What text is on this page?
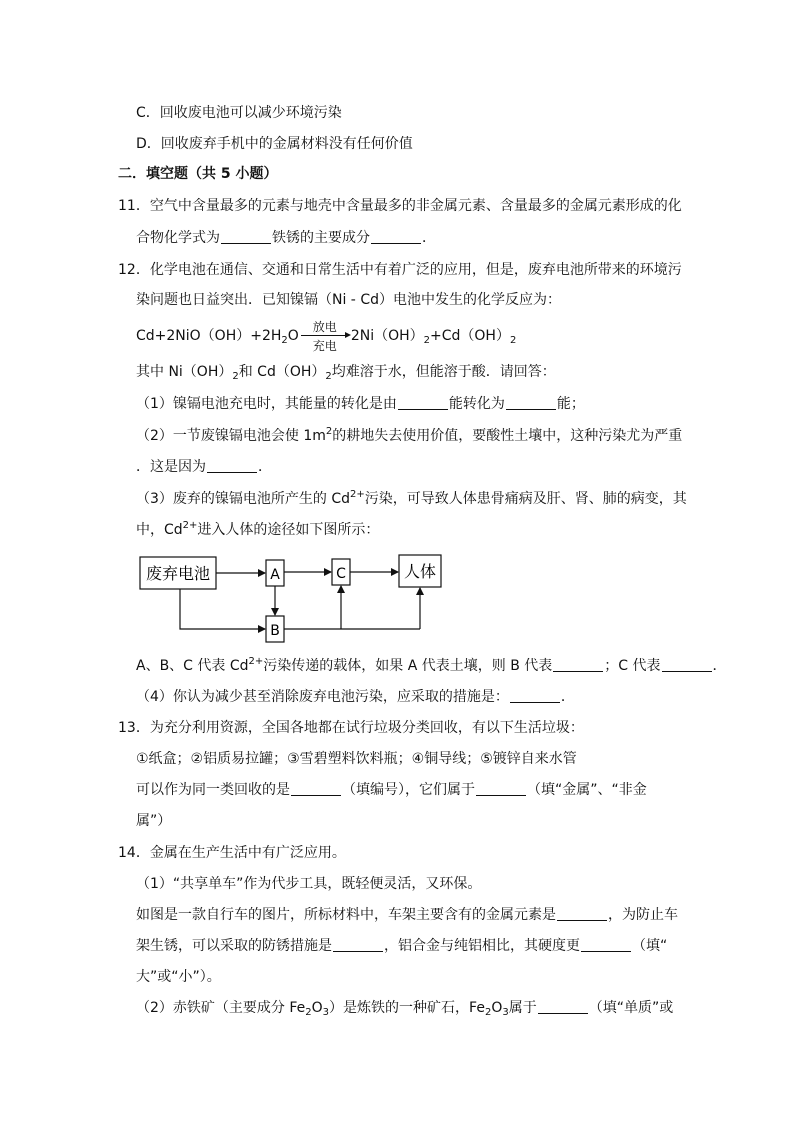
C．回收废电池可以减少环境污染
D．回收废弃手机中的金属材料没有任何价值
二．填空题（共 5 小题）
11．空气中含量最多的元素与地壳中含量最多的非金属元素、含量最多的金属元素形成的化
合物化学式为	铁锈的主要成分	．
12．化学电池在通信、交通和日常生活中有着广泛的应用，但是，废弃电池所带来的环境污
染问题也日益突出．已知镍镉（Ni - Cd）电池中发生的化学反应为：
$Cd+2NiO(OH)+2H_2O$
放电
充电
$2Ni(OH)_2+Cd(OH)_2$
其中 $Ni(OH)_2$和 $Cd(OH)_2$均难溶于水，但能溶于酸．请回答：
（1）镍镉电池充电时，其能量的转化是由	能转化为	能；
（2）一节废镍镉电池会使 $1m^2$的耕地失去使用价值，要酸性土壤中，这种污染尤为严重
．这是因为	．
（3）废弃的镍镉电池所产生的 $Cd^{2+}$污染，可导致人体患骨痛病及肝、肾、肺的病变，其
中，$Cd^{2+}$进入人体的途径如下图所示：
废弃电池	A	C	人体
B
A、B、C 代表 $Cd^{2+}$污染传递的载体，如果 A 代表土壤，则 B 代表	；C 代表	．
（4）你认为减少甚至消除废弃电池污染，应采取的措施是：	．
13．为充分利用资源，全国各地都在试行垃圾分类回收，有以下生活垃圾：
①纸盒；②铝质易拉罐；③雪碧塑料饮料瓶；④铜导线；⑤镀锌自来水管
可以作为同一类回收的是	（填编号），它们属于	（填“金属”、“非金
属”）
14．金属在生产生活中有广泛应用。
（1）“共享单车”作为代步工具，既轻便灵活，又环保。
如图是一款自行车的图片，所标材料中，车架主要含有的金属元素是	，为防止车
架生锈，可以采取的防锈措施是	，铝合金与纯铝相比，其硬度更	（填“
大”或“小”）。
（2）赤铁矿（主要成分 $Fe_2O_3$）是炼铁的一种矿石，$Fe_2O_3$属于	（填“单质”或
